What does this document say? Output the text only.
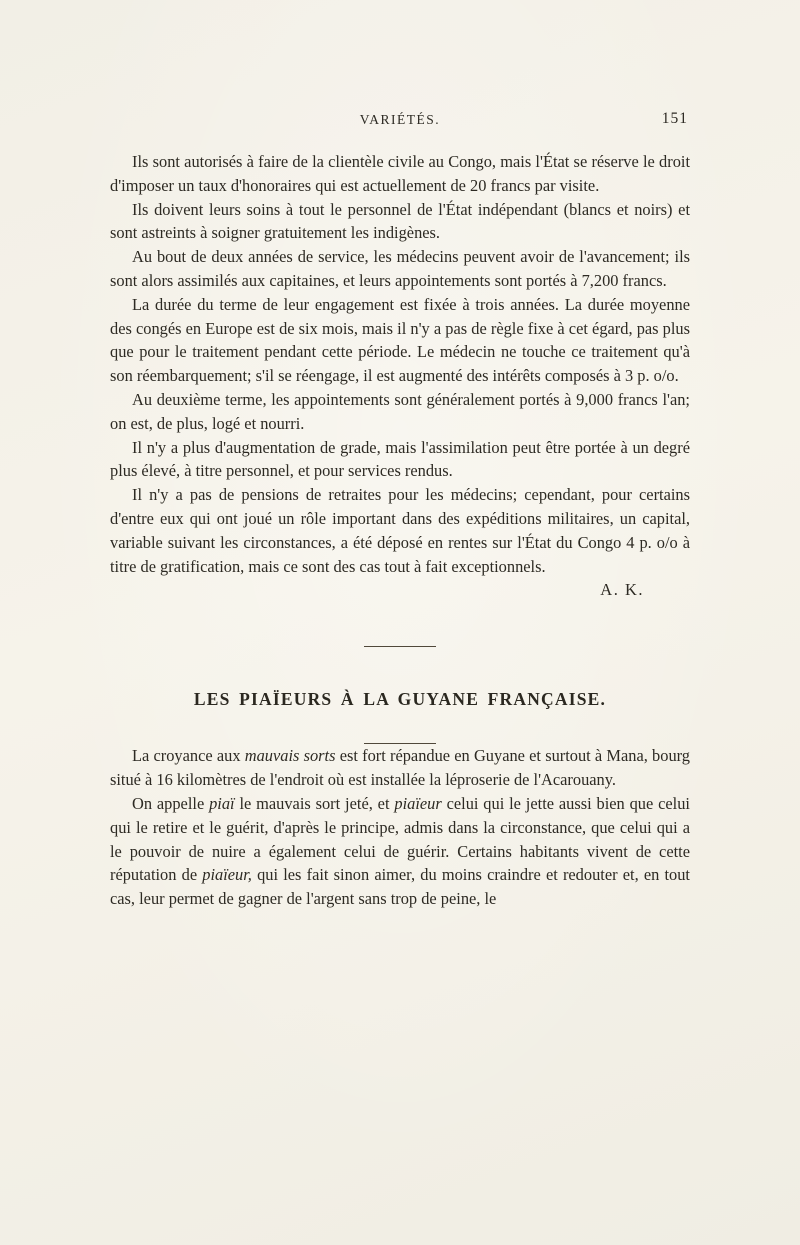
VARIÉTÉS.	151

Ils sont autorisés à faire de la clientèle civile au Congo, mais l'État se réserve le droit d'imposer un taux d'honoraires qui est actuellement de 20 francs par visite.

Ils doivent leurs soins à tout le personnel de l'État indépendant (blancs et noirs) et sont astreints à soigner gratuitement les indigènes.

Au bout de deux années de service, les médecins peuvent avoir de l'avancement; ils sont alors assimilés aux capitaines, et leurs appointements sont portés à 7,200 francs.

La durée du terme de leur engagement est fixée à trois années. La durée moyenne des congés en Europe est de six mois, mais il n'y a pas de règle fixe à cet égard, pas plus que pour le traitement pendant cette période. Le médecin ne touche ce traitement qu'à son réembarquement; s'il se réengage, il est augmenté des intérêts composés à 3 p. o/o.

Au deuxième terme, les appointements sont généralement portés à 9,000 francs l'an; on est, de plus, logé et nourri.

Il n'y a plus d'augmentation de grade, mais l'assimilation peut être portée à un degré plus élevé, à titre personnel, et pour services rendus.

Il n'y a pas de pensions de retraites pour les médecins; cependant, pour certains d'entre eux qui ont joué un rôle important dans des expéditions militaires, un capital, variable suivant les circonstances, a été déposé en rentes sur l'État du Congo 4 p. o/o à titre de gratification, mais ce sont des cas tout à fait exceptionnels.

A. K.

LES PIAÏEURS À LA GUYANE FRANÇAISE.

La croyance aux mauvais sorts est fort répandue en Guyane et surtout à Mana, bourg situé à 16 kilomètres de l'endroit où est installée la léproserie de l'Acarouany.

On appelle piaï le mauvais sort jeté, et piaïeur celui qui le jette aussi bien que celui qui le retire et le guérit, d'après le principe, admis dans la circonstance, que celui qui a le pouvoir de nuire a également celui de guérir. Certains habitants vivent de cette réputation de piaïeur, qui les fait sinon aimer, du moins craindre et redouter et, en tout cas, leur permet de gagner de l'argent sans trop de peine, le
